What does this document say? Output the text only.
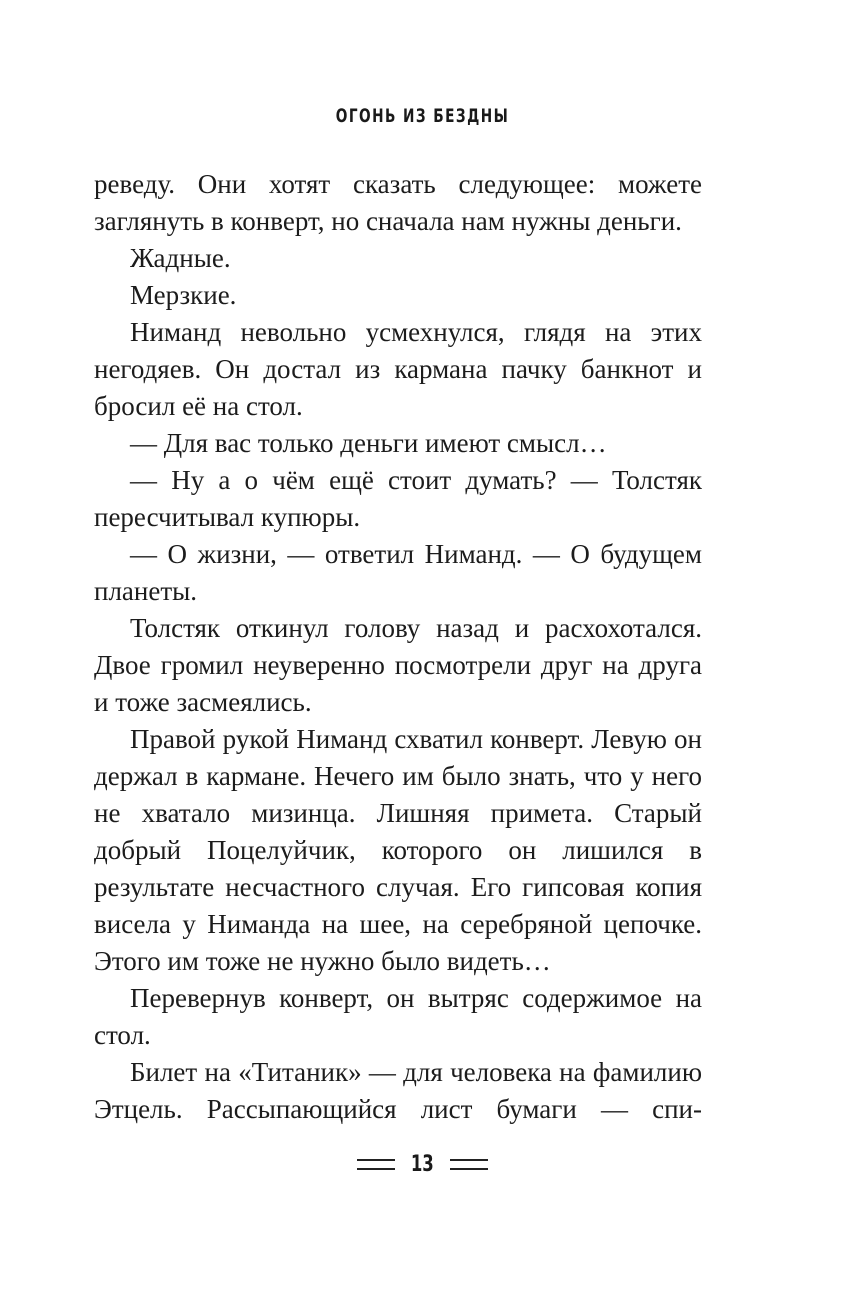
ОГОНЬ ИЗ БЕЗДНЫ

реведу. Они хотят сказать следующее: можете заглянуть в конверт, но сначала нам нужны деньги.

Жадные.

Мерзкие.

Нимaнд невольно усмехнулся, глядя на этих негодяев. Он достал из кармана пачку банкнот и бросил её на стол.

— Для вас только деньги имеют смысл…

— Ну а о чём ещё стоит думать? — Толстяк пересчитывал купюры.

— О жизни, — ответил Ниманд. — О будущем планеты.

Толстяк откинул голову назад и расхохотался. Двое громил неуверенно посмотрели друг на друга и тоже засмеялись.

Правой рукой Ниманд схватил конверт. Левую он держал в кармане. Нечего им было знать, что у него не хватало мизинца. Лишняя примета. Старый добрый Поцелуйчик, которого он лишился в результате несчастного случая. Его гипсовая копия висела у Ниманда на шее, на серебряной цепочке. Этого им тоже не нужно было видеть…

Перевернув конверт, он вытряс содержимое на стол.

Билет на «Титаник» — для человека на фамилию Этцель. Рассыпающийся лист бумаги — спи-

13
